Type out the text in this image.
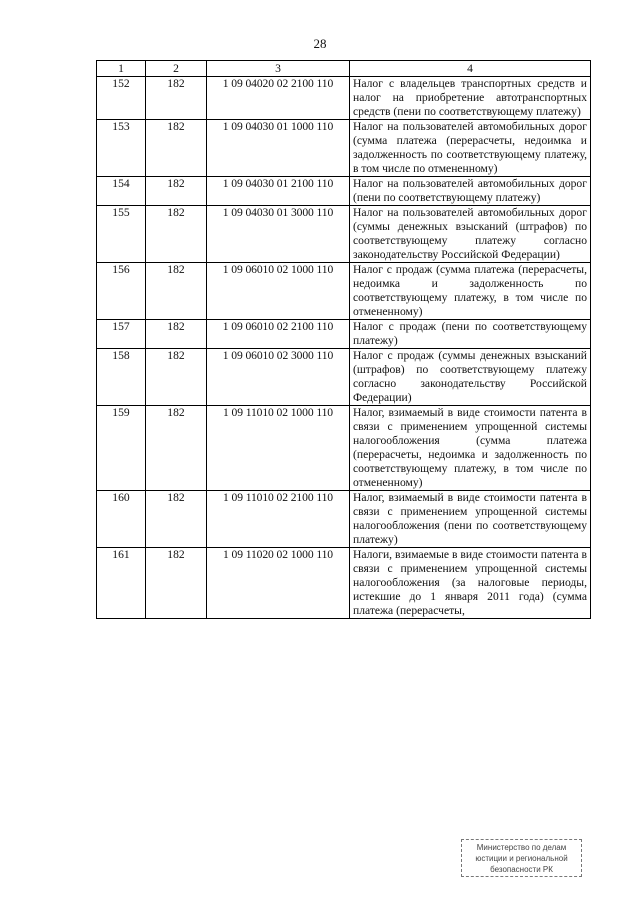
28
1	2	3	4
152	182	1 09 04020 02 2100 110	Налог с владельцев транспортных средств и налог на приобретение автотранспортных средств (пени по соответствующему платежу)
153	182	1 09 04030 01 1000 110	Налог на пользователей автомобильных дорог (сумма платежа (перерасчеты, недоимка и задолженность по соответствующему платежу, в том числе по отмененному)
154	182	1 09 04030 01 2100 110	Налог на пользователей автомобильных дорог (пени по соответствующему платежу)
155	182	1 09 04030 01 3000 110	Налог на пользователей автомобильных дорог (суммы денежных взысканий (штрафов) по соответствующему платежу согласно законодательству Российской Федерации)
156	182	1 09 06010 02 1000 110	Налог с продаж (сумма платежа (перерасчеты, недоимка и задолженность по соответствующему платежу, в том числе по отмененному)
157	182	1 09 06010 02 2100 110	Налог с продаж (пени по соответствующему платежу)
158	182	1 09 06010 02 3000 110	Налог с продаж (суммы денежных взысканий (штрафов) по соответствующему платежу согласно законодательству Российской Федерации)
159	182	1 09 11010 02 1000 110	Налог, взимаемый в виде стоимости патента в связи с применением упрощенной системы налогообложения (сумма платежа (перерасчеты, недоимка и задолженность по соответствующему платежу, в том числе по отмененному)
160	182	1 09 11010 02 2100 110	Налог, взимаемый в виде стоимости патента в связи с применением упрощенной системы налогообложения (пени по соответствующему платежу)
161	182	1 09 11020 02 1000 110	Налоги, взимаемые в виде стоимости патента в связи с применением упрощенной системы налогообложения (за налоговые периоды, истекшие до 1 января 2011 года) (сумма платежа (перерасчеты,
Министерство по делам юстиции и региональной безопасности РК
